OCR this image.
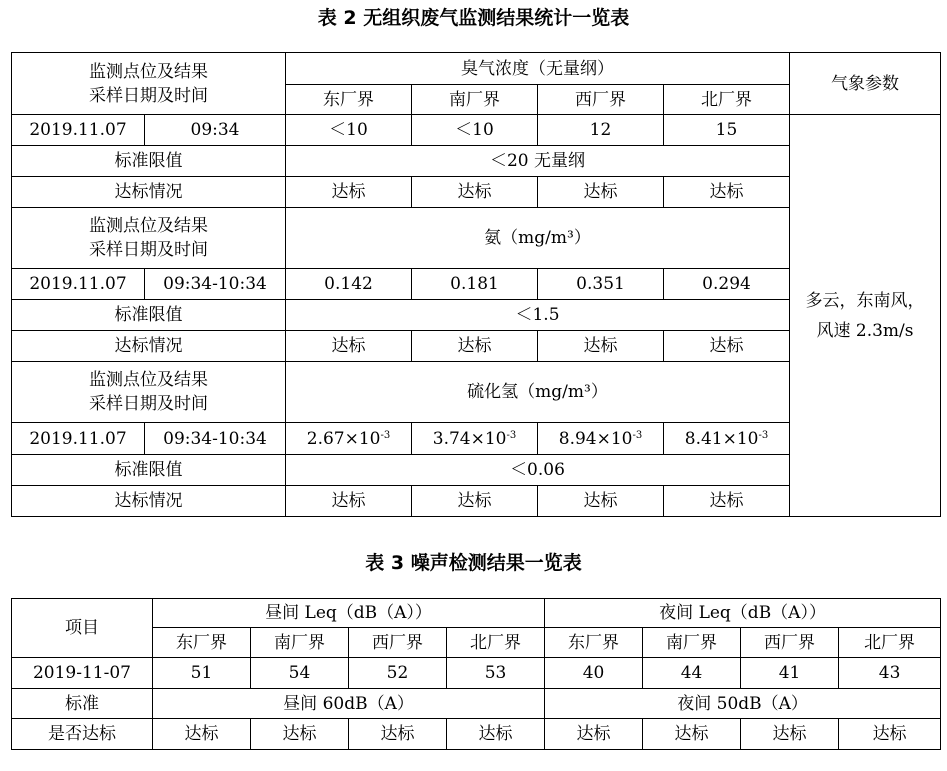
表 2 无组织废气监测结果统计一览表
监测点位及结果
采样日期及时间		臭气浓度（无量纲）				气象参数
		东厂界	南厂界	西厂界	北厂界	
2019.11.07	09:34	＜10	＜10	12	15	多云，东南风，
风速 2.3m/s

标准限值		＜20 无量纲				
达标情况		达标	达标	达标	达标	

监测点位及结果
采样日期及时间		氨（mg/m³）				
2019.11.07	09:34-10:34	0.142	0.181	0.351	0.294	
标准限值		＜1.5				
达标情况		达标	达标	达标	达标	

监测点位及结果
采样日期及时间		硫化氢（mg/m³）				
2019.11.07	09:34-10:34	$2.67\times 10^{-3}$	$3.74\times 10^{-3}$	$8.94\times 10^{-3}$	$8.41\times 10^{-3}$
标准限值		＜0.06				
达标情况		达标	达标	达标	达标	
表 3 噪声检测结果一览表
项目	昼间 Leq（dB（A））				夜间 Leq（dB（A））			
	东厂界	南厂界	西厂界	北厂界	东厂界	南厂界	西厂界	北厂界
2019-11-07	51	54	52	53	40	44	41	43
标准	昼间 60dB（A）				夜间 50dB（A）			
是否达标	达标	达标	达标	达标	达标	达标	达标	达标
